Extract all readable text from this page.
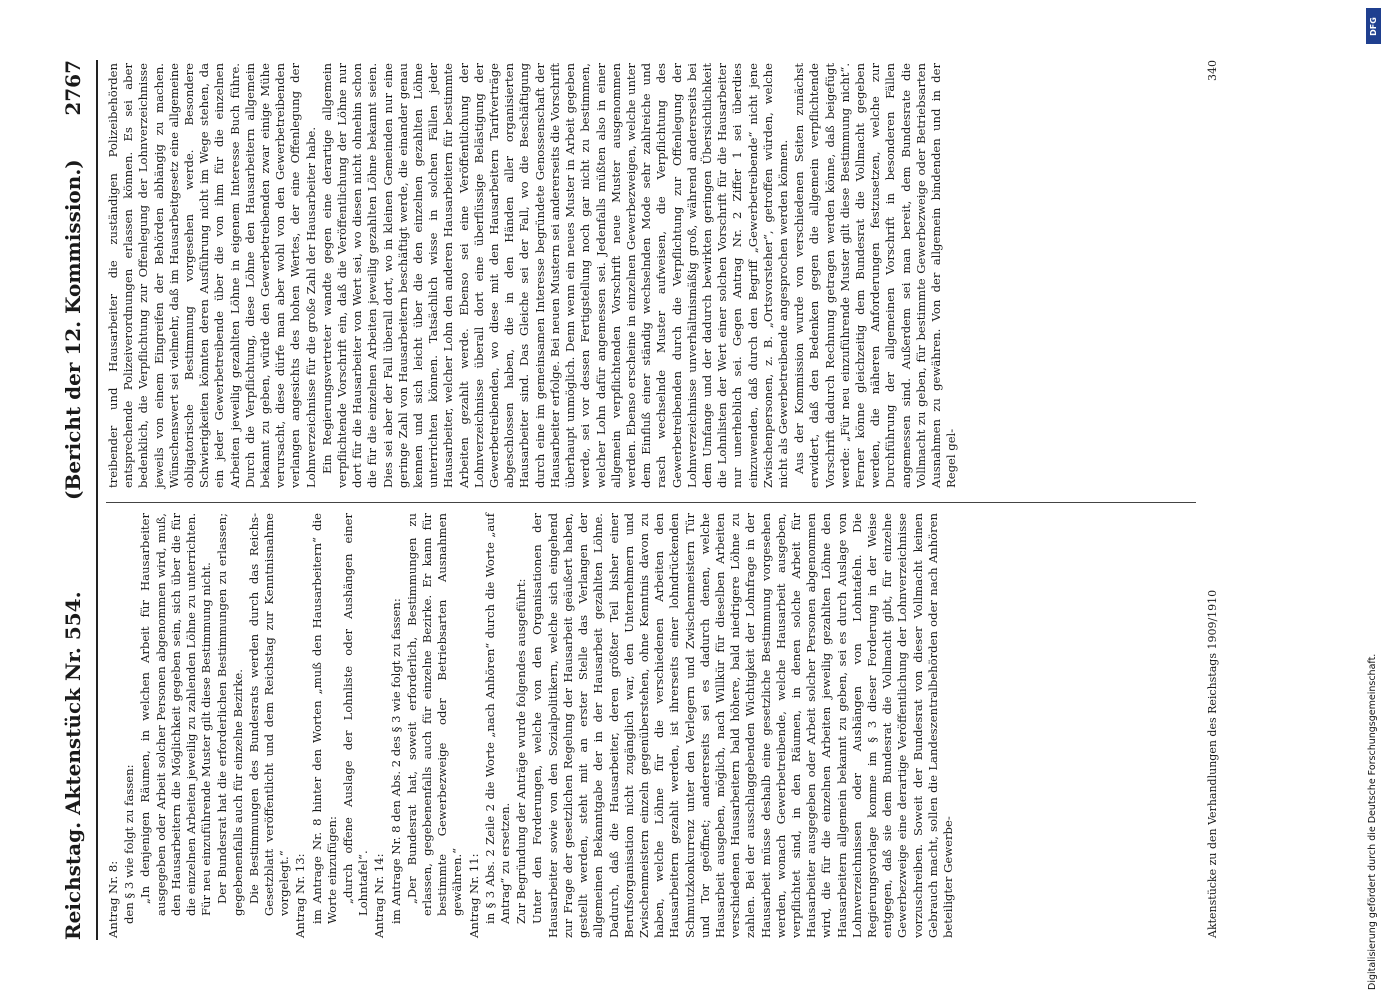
Reichstag. Aktenstück Nr. 554.
(Bericht der 12. Kommission.)
2767

Antrag Nr. 8: den § 3 wie folgt zu fassen: „In denjenigen Räumen, in welchen Arbeit für Hausarbeiter ausgegeben oder Arbeit solcher Personen abgenommen wird, muß, den Hausarbeitern die Möglichkeit gegeben sein, sich über die für die einzelnen Arbeiten jeweilig zu zahlenden Löhne zu unterrichten. Für neu einzuführende Muster gilt diese Bestimmung nicht. Der Bundesrat hat die erforderlichen Bestimmungen zu erlassen; gegebenenfalls auch für einzelne Bezirke. Die Bestimmungen des Bundesrats werden durch das Reichs-Gesetzblatt veröffentlicht und dem Reichstag zur Kenntnisnahme vorgelegt.“ Antrag Nr. 13: im Antrage Nr. 8 hinter den Worten „muß den Hausarbeitern“ die Worte einzufügen: „durch offene Auslage der Lohnliste oder Aushängen einer Lohntafel“. Antrag Nr. 14: im Antrage Nr. 8 den Abs. 2 des § 3 wie folgt zu fassen: „Der Bundesrat hat, soweit erforderlich, Bestimmungen zu erlassen, gegebenenfalls auch für einzelne Bezirke. Er kann für bestimmte Gewerbezweige oder Betriebsarten Ausnahmen gewähren.“ Antrag Nr. 11: in § 3 Abs. 2 Zeile 2 die Worte „nach Anhören“ durch die Worte „auf Antrag“ zu ersetzen. Zur Begründung der Anträge wurde folgendes ausgeführt: Unter den Forderungen, welche von den Organisationen der Hausarbeiter sowie von den Sozialpolitikern, welche sich eingehend zur Frage der gesetzlichen Regelung der Hausarbeit geäußert haben, gestellt werden, steht mit an erster Stelle das Verlangen der allgemeinen Bekanntgabe der in der Hausarbeit gezahlten Löhne. Dadurch, daß die Hausarbeiter, deren größter Teil bisher einer Berufsorganisation nicht zugänglich war, den Unternehmern und Zwischenmeistern einzeln gegenüberstehen, ohne Kenntnis davon zu haben, welche Löhne für die verschiedenen Arbeiten den Hausarbeitern gezahlt werden, ist ihrerseits einer lohndrückenden Schmutzkonkurrenz unter den Verlegern und Zwischenmeistern Tür und Tor geöffnet; andererseits sei es dadurch denen, welche Hausarbeit ausgeben, möglich, nach Willkür für dieselben Arbeiten verschiedenen Hausarbeitern bald höhere, bald niedrigere Löhne zu zahlen. Bei der ausschlaggebenden Wichtigkeit der Lohnfrage in der Hausarbeit müsse deshalb eine gesetzliche Bestimmung vorgesehen werden, wonach Gewerbetreibende, welche Hausarbeit ausgeben, verpflichtet sind, in den Räumen, in denen solche Arbeit für Hausarbeiter ausgegeben oder Arbeit solcher Personen abgenommen wird, die für die einzelnen Arbeiten jeweilig gezahlten Löhne den Hausarbeitern allgemein bekannt zu geben, sei es durch Auslage von Lohnverzeichnissen oder Aushängen von Lohntafeln. Die Regierungsvorlage komme im § 3 dieser Forderung in der Weise entgegen, daß sie dem Bundesrat die Vollmacht gibt, für einzelne Gewerbezweige eine derartige Veröffentlichung der Lohnverzeichnisse vorzuschreiben. Soweit der Bundesrat von dieser Vollmacht keinen Gebrauch macht, sollen die Landeszentralbehörden oder nach Anhören beteiligter Gewerbe-

treibender und Hausarbeiter die zuständigen Polizeibehörden entsprechende Polizeiverordnungen erlassen können. Es sei aber bedenklich, die Verpflichtung zur Offenlegung der Lohnverzeichnisse jeweils von einem Eingreifen der Behörden abhängig zu machen. Wünschenswert sei vielmehr, daß im Hausarbeitgesetz eine allgemeine obligatorische Bestimmung vorgesehen werde. Besondere Schwierigkeiten könnten deren Ausführung nicht im Wege stehen, da ein jeder Gewerbetreibende über die von ihm für die einzelnen Arbeiten jeweilig gezahlten Löhne in eigenem Interesse Buch führe. Durch die Verpflichtung, diese Löhne den Hausarbeitern allgemein bekannt zu geben, würde den Gewerbetreibenden zwar einige Mühe verursacht, diese dürfe man aber wohl von den Gewerbetreibenden verlangen angesichts des hohen Wertes, der eine Offenlegung der Lohnverzeichnisse für die große Zahl der Hausarbeiter habe. Ein Regierungsvertreter wandte gegen eine derartige allgemein verpflichtende Vorschrift ein, daß die Veröffentlichung der Löhne nur dort für die Hausarbeiter von Wert sei, wo diesen nicht ohnehin schon die für die einzelnen Arbeiten jeweilig gezahlten Löhne bekannt seien. Dies sei aber der Fall überall dort, wo in kleinen Gemeinden nur eine geringe Zahl von Hausarbeitern beschäftigt werde, die einander genau kennen und sich leicht über die den einzelnen gezahlten Löhne unterrichten können. Tatsächlich wisse in solchen Fällen jeder Hausarbeiter, welcher Lohn den anderen Hausarbeitern für bestimmte Arbeiten gezahlt werde. Ebenso sei eine Veröffentlichung der Lohnverzeichnisse überall dort eine überflüssige Belästigung der Gewerbetreibenden, wo diese mit den Hausarbeitern Tarifverträge abgeschlossen haben, die in den Händen aller organisierten Hausarbeiter sind. Das Gleiche sei der Fall, wo die Beschäftigung durch eine im gemeinsamen Interesse begründete Genossenschaft der Hausarbeiter erfolge. Bei neuen Mustern sei andererseits die Vorschrift überhaupt unmöglich. Denn wenn ein neues Muster in Arbeit gegeben werde, sei vor dessen Fertigstellung noch gar nicht zu bestimmen, welcher Lohn dafür angemessen sei. Jedenfalls müßten also in einer allgemein verpflichtenden Vorschrift neue Muster ausgenommen werden. Ebenso erscheine in einzelnen Gewerbezweigen, welche unter dem Einfluß einer ständig wechselnden Mode sehr zahlreiche und rasch wechselnde Muster aufweisen, die Verpflichtung des Gewerbetreibenden durch die Verpflichtung zur Offenlegung der Lohnverzeichnisse unverhältnismäßig groß, während andererseits bei dem Umfange und der dadurch bewirkten geringen Übersichtlichkeit die Lohnlisten der Wert einer solchen Vorschrift für die Hausarbeiter nur unerheblich sei. Gegen Antrag Nr. 2 Ziffer 1 sei überdies einzuwenden, daß durch den Begriff „Gewerbetreibende“ nicht jene Zwischenpersonen, z. B. „Ortsvorsteher“, getroffen würden, welche nicht als Gewerbetreibende angesprochen werden können. Aus der Kommission wurde von verschiedenen Seiten zunächst erwidert, daß den Bedenken gegen die allgemein verpflichtende Vorschrift dadurch Rechnung getragen werden könne, daß beigefügt werde: „Für neu einzuführende Muster gilt diese Bestimmung nicht“. Ferner könne gleichzeitig dem Bundesrat die Vollmacht gegeben werden, die näheren Anforderungen festzusetzen, welche zur Durchführung der allgemeinen Vorschrift in besonderen Fällen angemessen sind. Außerdem sei man bereit, dem Bundesrate die Vollmacht zu geben, für bestimmte Gewerbezweige oder Betriebsarten Ausnahmen zu gewähren. Von der allgemein bindenden und in der Regel gel-

Aktenstücke zu den Verhandlungen des Reichstags 1909/1910
340
Digitalisierung gefördert durch die Deutsche Forschungsgemeinschaft.
DFG
